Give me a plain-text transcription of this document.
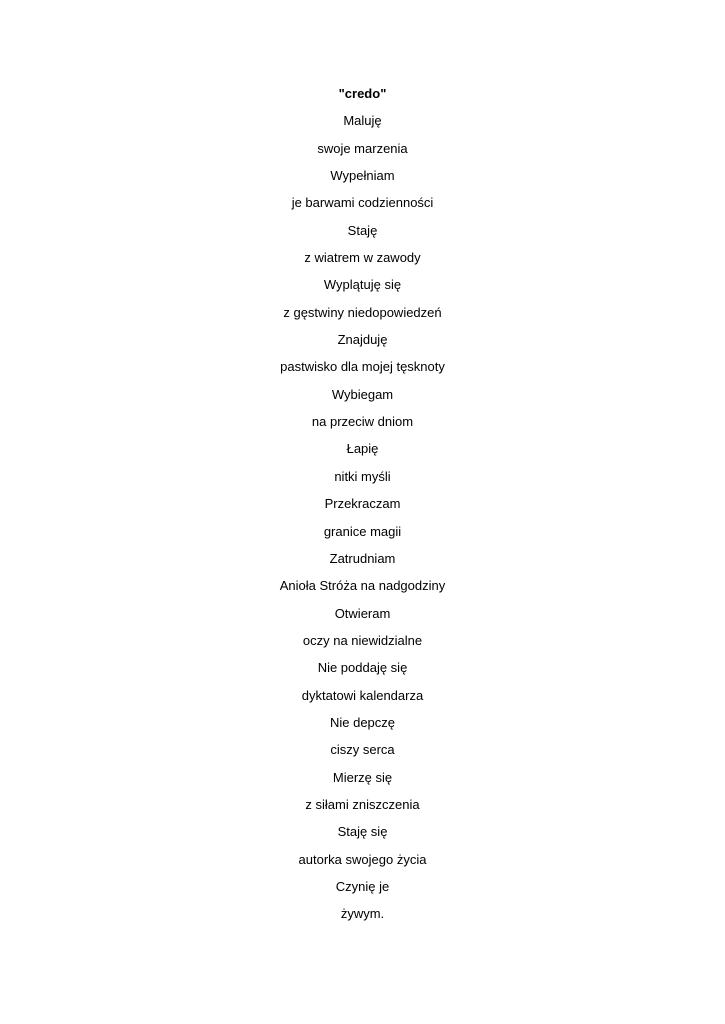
"credo"
Maluję
swoje marzenia
Wypełniam
je barwami codzienności
Staję
z wiatrem w zawody
Wyplątuję się
z gęstwiny niedopowiedzeń
Znajduję
pastwisko dla mojej tęsknoty
Wybiegam
na przeciw dniom
Łapię
nitki myśli
Przekraczam
granice magii
Zatrudniam
Anioła Stróża na nadgodziny
Otwieram
oczy na niewidzialne
Nie poddaję się
dyktatowi kalendarza
Nie depczę
ciszy serca
Mierzę się
z siłami zniszczenia
Staję się
autorka swojego życia
Czynię je
żywym.
